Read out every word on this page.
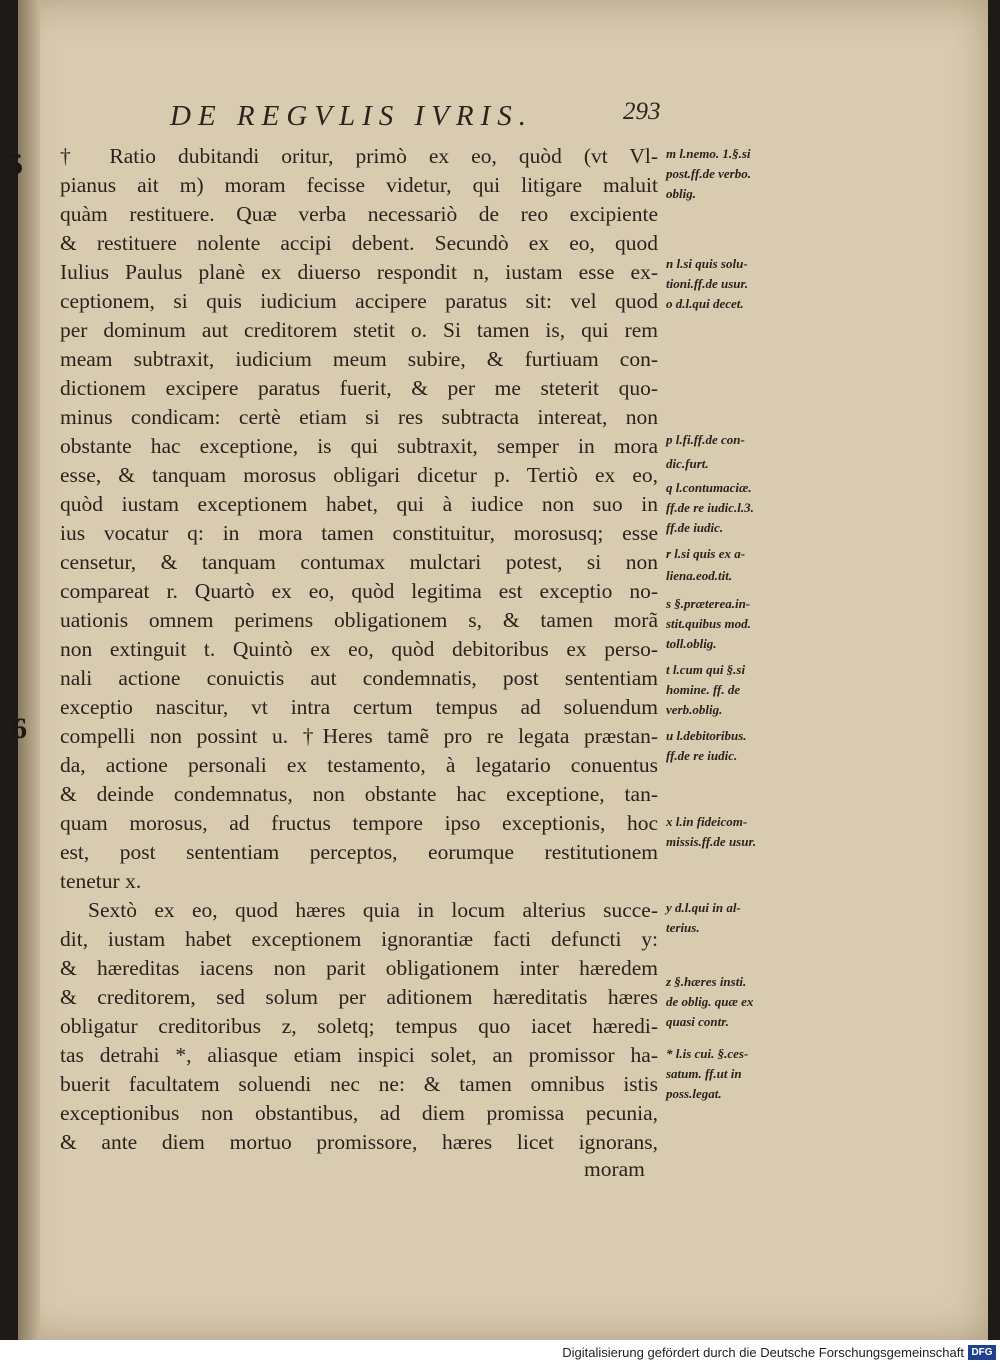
DE REGVLIS IVRIS.	293
5
6
† Ratio dubitandi oritur, primò ex eo, quòd (vt Vl-
pianus ait m) moram fecisse videtur, qui litigare maluit
quàm restituere. Quæ verba necessariò de reo excipiente
& restituere nolente accipi debent. Secundò ex eo, quod
Iulius Paulus planè ex diuerso respondit n, iustam esse ex-
ceptionem, si quis iudicium accipere paratus sit: vel quod
per dominum aut creditorem stetit o. Si tamen is, qui rem
meam subtraxit, iudicium meum subire, & furtiuam con-
dictionem excipere paratus fuerit, & per me steterit quo-
minus condicam: certè etiam si res subtracta intereat, non
obstante hac exceptione, is qui subtraxit, semper in mora
esse, & tanquam morosus obligari dicetur p. Tertiò ex eo,
quòd iustam exceptionem habet, qui à iudice non suo in
ius vocatur q: in mora tamen constituitur, morosusq; esse
censetur, & tanquam contumax mulctari potest, si non
compareat r. Quartò ex eo, quòd legitima est exceptio no-
uationis omnem perimens obligationem s, & tamen morã
non extinguit t. Quintò ex eo, quòd debitoribus ex perso-
nali actione conuictis aut condemnatis, post sententiam
exceptio nascitur, vt intra certum tempus ad soluendum
compelli non possint u. †Heres tamẽ pro re legata præstan-
da, actione personali ex testamento, à legatario conuentus
& deinde condemnatus, non obstante hac exceptione, tan-
quam morosus, ad fructus tempore ipso exceptionis, hoc
est, post sententiam perceptos, eorumque restitutionem
tenetur x.
Sextò ex eo, quod hæres quia in locum alterius succe-
dit, iustam habet exceptionem ignorantiæ facti defuncti y:
& hæreditas iacens non parit obligationem inter hæredem
& creditorem, sed solum per aditionem hæreditatis hæres
obligatur creditoribus z, soletq; tempus quo iacet hæredi-
tas detrahi *, aliasque etiam inspici solet, an promissor ha-
buerit facultatem soluendi nec ne: & tamen omnibus istis
exceptionibus non obstantibus, ad diem promissa pecunia,
& ante diem mortuo promissore, hæres licet ignorans,
moram
m l.nemo. 1.§.si
post.ff.de verbo.
oblig.
n l.si quis solu-
tioni.ff.de usur.
o d.l.qui decet.
p l.fi.ff.de con-
dic.furt.
q l.contumaciæ.
ff.de re iudic.l.3.
ff.de iudic.
r l.si quis ex a-
liena.eod.tit.
s §.præterea.in-
stit.quibus mod.
toll.oblig.
t l.cum qui §.si
homine. ff. de
verb.oblig.
u l.debitoribus.
ff.de re iudic.
x l.in fideicom-
missis.ff.de usur.
y d.l.qui in al-
terius.
z §.hæres insti.
de oblig. quæ ex
quasi contr.
* l.is cui. §.ces-
satum. ff.ut in
poss.legat.
Digitalisierung gefördert durch die Deutsche Forschungsgemeinschaft DFG
